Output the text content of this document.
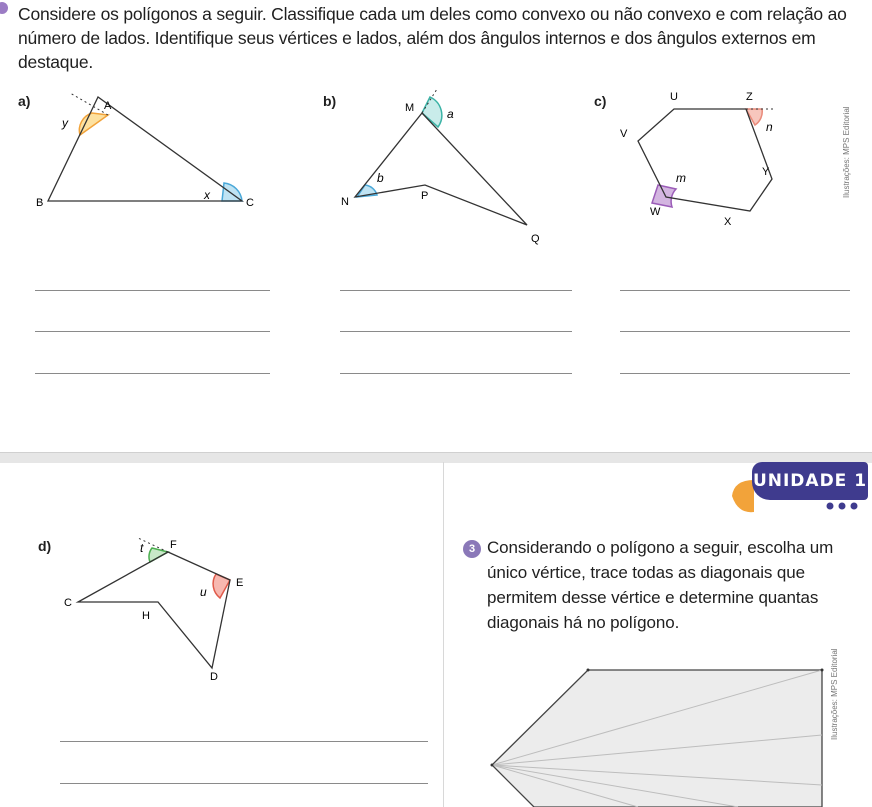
Considere os polígonos a seguir. Classifique cada um deles como convexo ou não convexo e com relação ao número de lados. Identifique seus vértices e lados, além dos ângulos internos e dos ângulos externos em destaque.
a)	A
B	C
y
x
b)	M
N	P
Q
a
b
c)	U	Z
V
Y
W
X
n
m	Ilustrações: MPS Editorial
UNIDADE 1
d)	F
E
C
H
D
t
u
3 Considerando o polígono a seguir, escolha um único vértice, trace todas as diagonais que permitem desse vértice e determine quantas diagonais há no polígono.
Ilustrações: MPS Editorial
